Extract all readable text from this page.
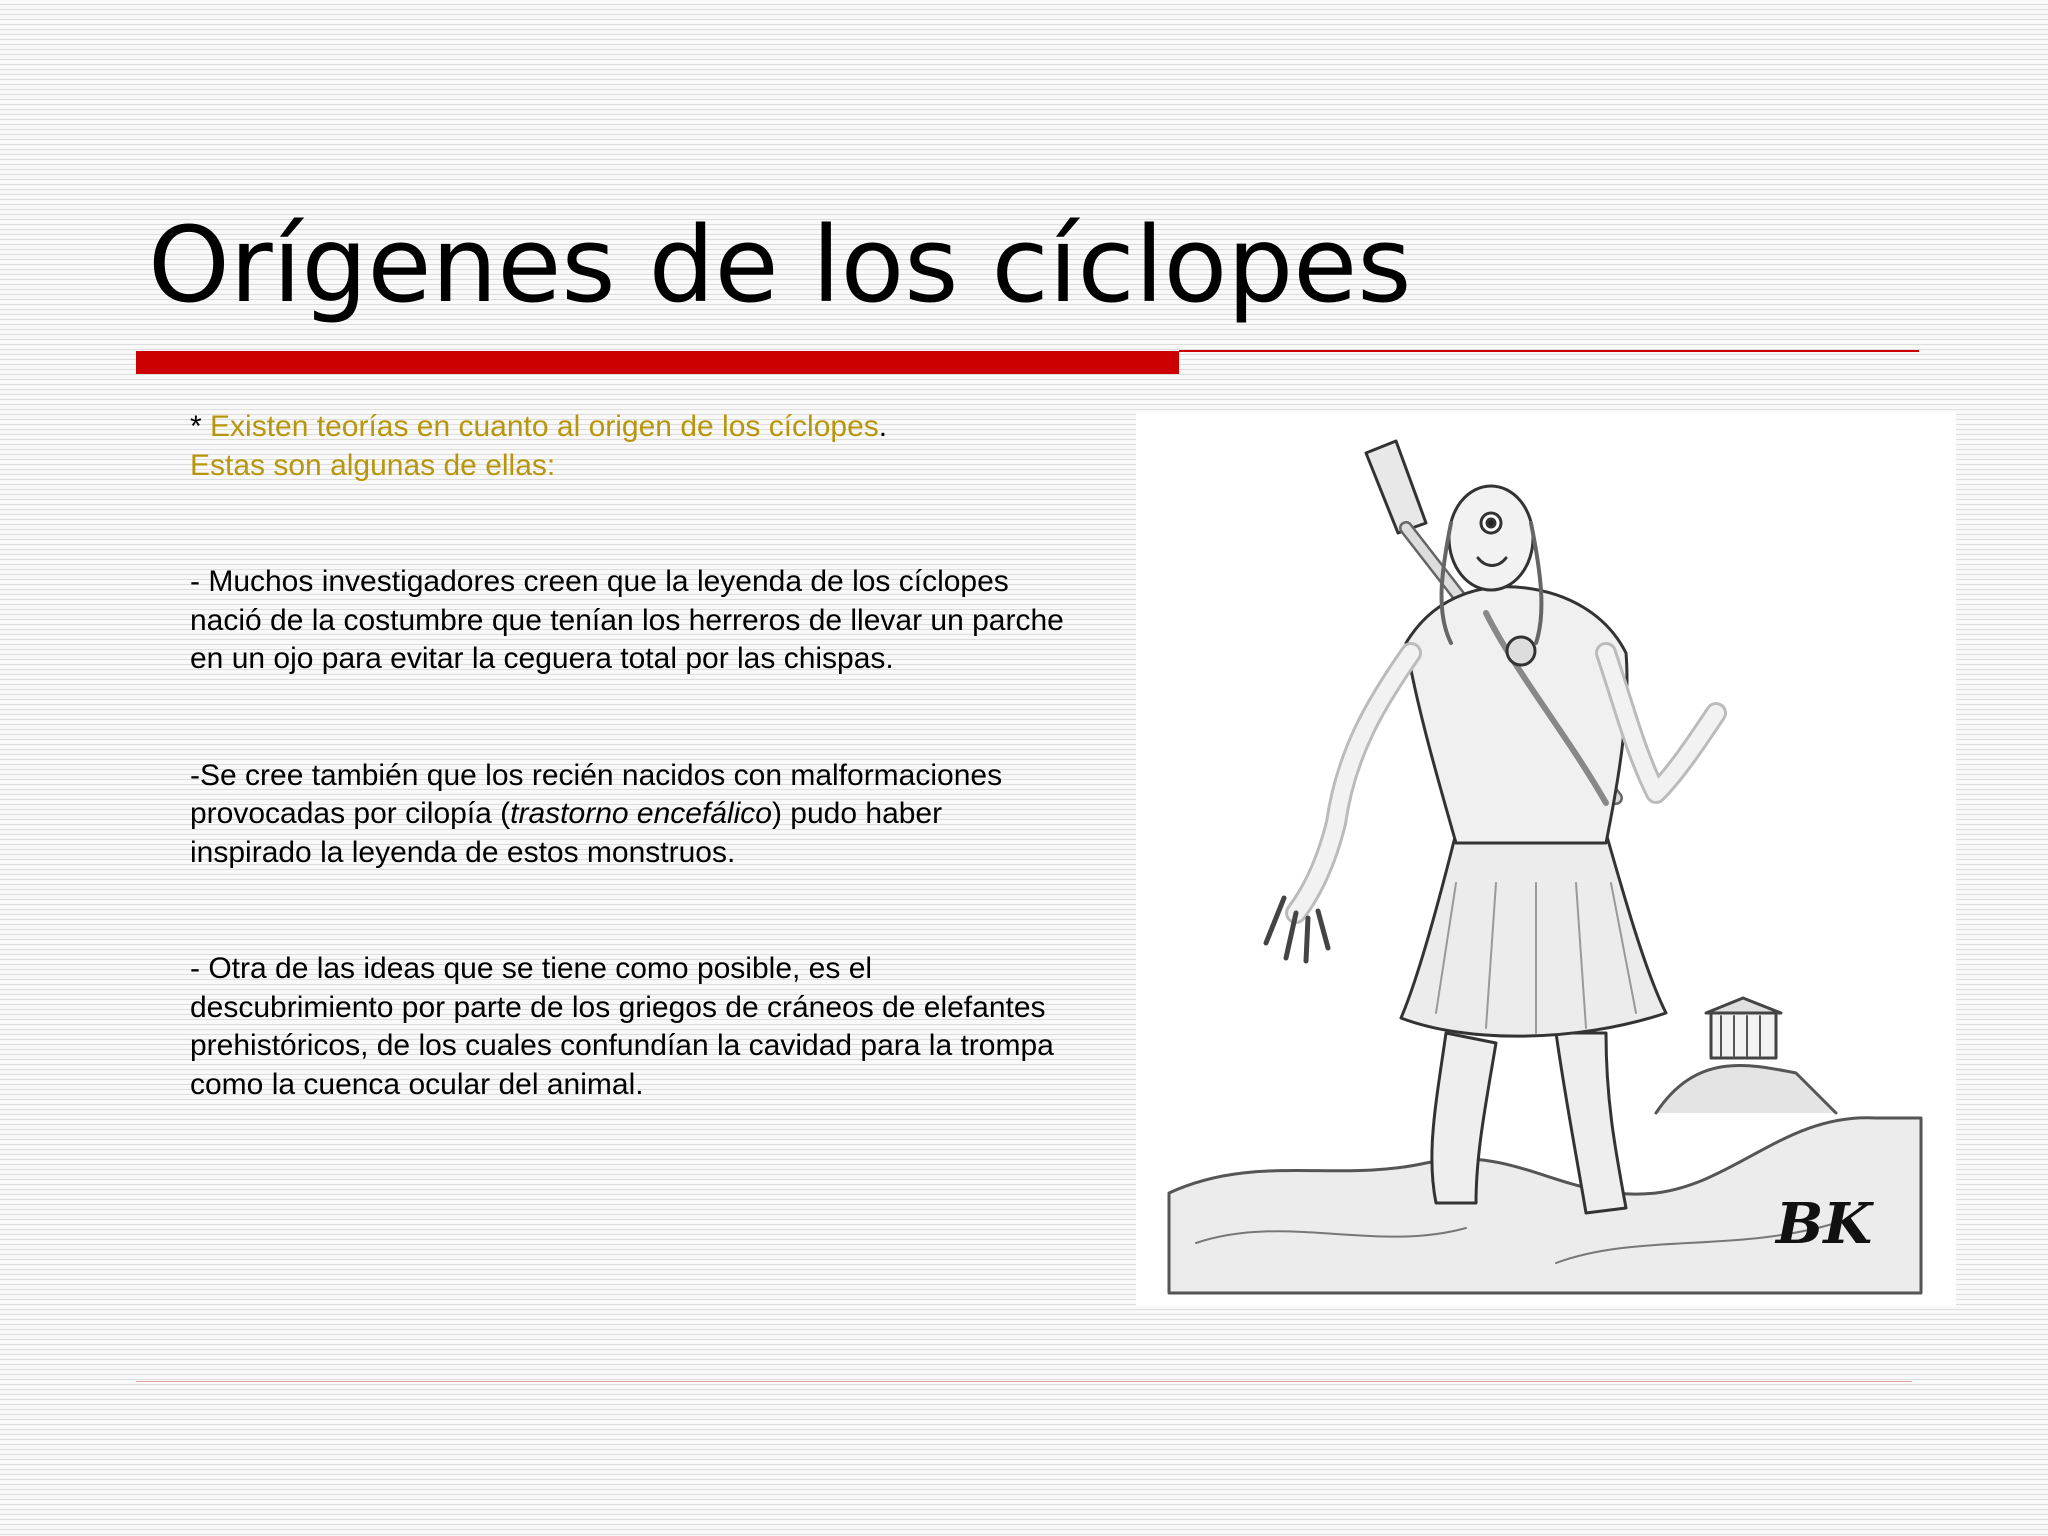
Orígenes de los cíclopes

* Existen teorías en cuanto al origen de los cíclopes.
Estas son algunas de ellas:

- Muchos investigadores creen que la leyenda de los cíclopes nació de la costumbre que tenían los herreros de llevar un parche en un ojo para evitar la ceguera total por las chispas.

-Se cree también que los recién nacidos con malformaciones provocadas por cilopía (trastorno encefálico) pudo haber inspirado la leyenda de estos monstruos.

- Otra de las ideas que se tiene como posible, es el descubrimiento por parte de los griegos de cráneos de elefantes prehistóricos, de los cuales confundían la cavidad para la trompa como la cuenca ocular del animal.

BK
